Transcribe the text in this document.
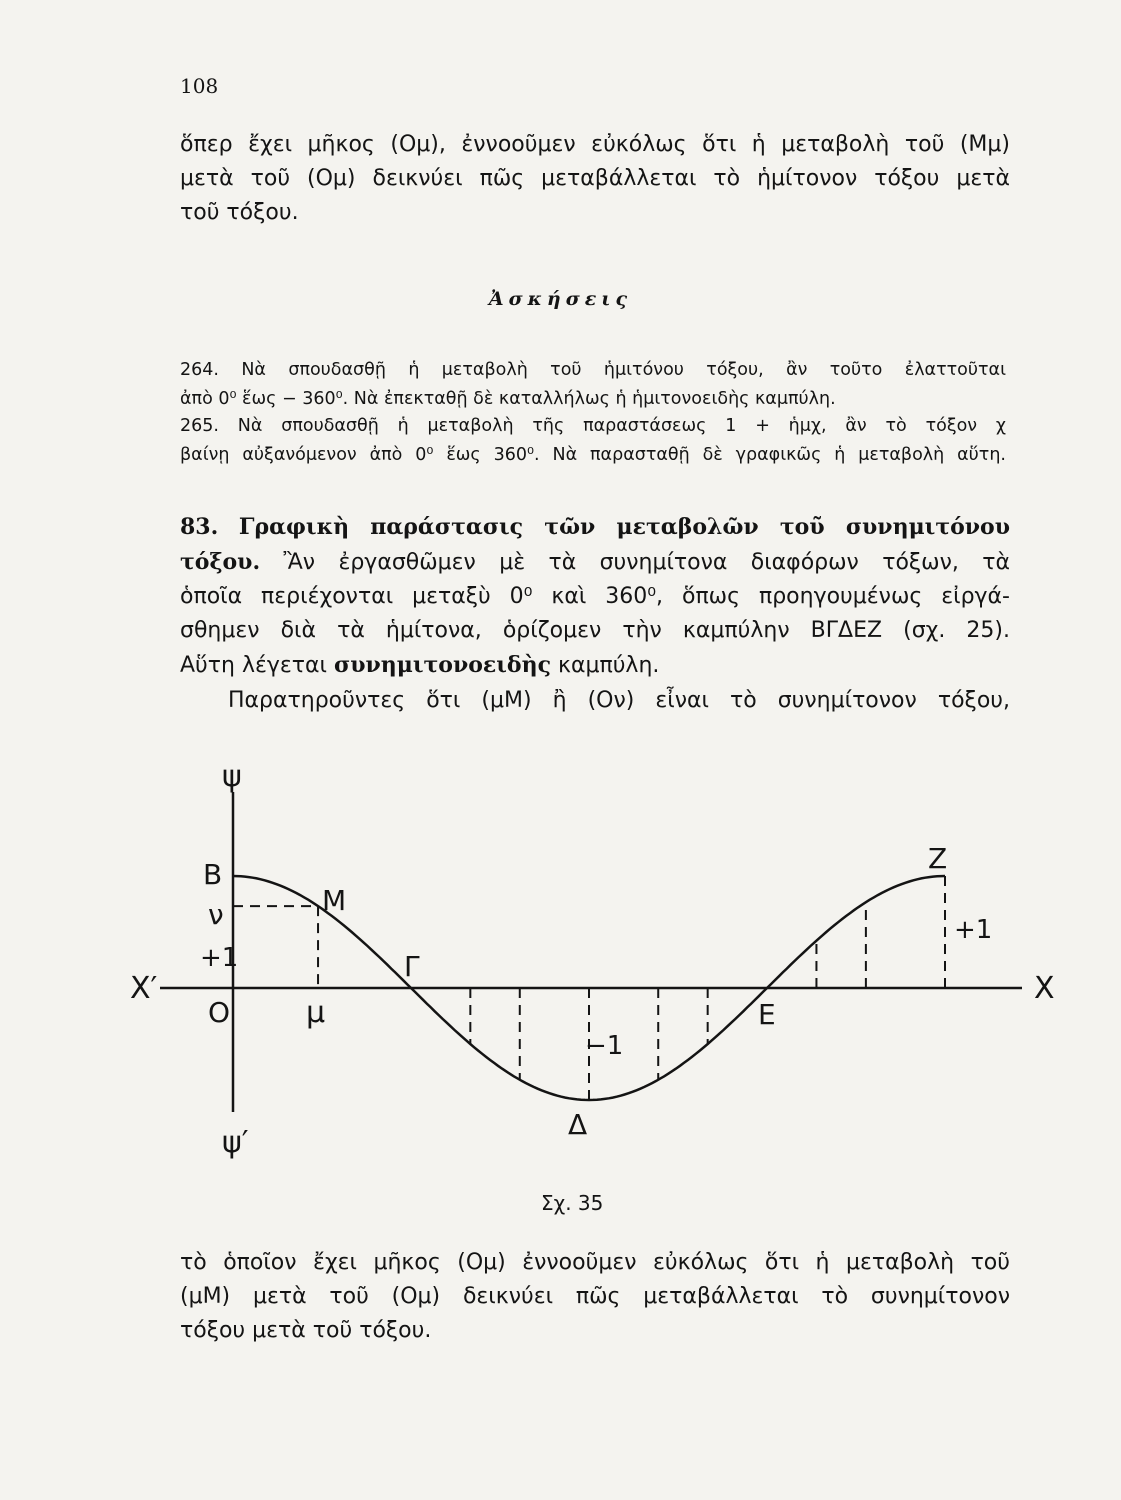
108
ὅπερ ἔχει μῆκος (Ομ), ἐννοοῦμεν εὐκόλως ὅτι ἡ μεταβολὴ τοῦ (Μμ)
μετὰ τοῦ (Ομ) δεικνύει πῶς μεταβάλλεται τὸ ἡμίτονον τόξου μετὰ
τοῦ τόξου.
Ἀσκήσεις
264. Νὰ σπουδασθῇ ἡ μεταβολὴ τοῦ ἡμιτόνου τόξου, ἂν τοῦτο ἐλαττοῦται
ἀπὸ 0⁰ ἕως − 360⁰. Νὰ ἐπεκταθῇ δὲ καταλλήλως ἡ ἡμιτονοειδὴς καμπύλη.
265. Νὰ σπουδασθῇ ἡ μεταβολὴ τῆς παραστάσεως 1 + ἡμχ, ἂν τὸ τόξον χ
βαίνῃ αὐξανόμενον ἀπὸ 0⁰ ἕως 360⁰. Νὰ παρασταθῇ δὲ γραφικῶς ἡ μεταβολὴ αὕτη.
83. Γραφικὴ παράστασις τῶν μεταβολῶν τοῦ συνημιτόνου
τόξου. Ἂν ἐργασθῶμεν μὲ τὰ συνημίτονα διαφόρων τόξων, τὰ
ὁποῖα περιέχονται μεταξὺ 0⁰ καὶ 360⁰, ὅπως προηγουμένως εἰργά-
σθημεν διὰ τὰ ἡμίτονα, ὁρίζομεν τὴν καμπύλην ΒΓΔΕΖ (σχ. 25).
Αὕτη λέγεται συνημιτονοειδὴς καμπύλη.
Παρατηροῦντες ὅτι (μΜ) ἢ (Ον) εἶναι τὸ συνημίτονον τόξου,
ψ
ψ′
Χ
Χ′
Ο
Β
ν
+1
Μ
μ
Γ
Δ
−1
Ε
Ζ
+1
Σχ. 35
τὸ ὁποῖον ἔχει μῆκος (Ομ) ἐννοοῦμεν εὐκόλως ὅτι ἡ μεταβολὴ τοῦ
(μΜ) μετὰ τοῦ (Ομ) δεικνύει πῶς μεταβάλλεται τὸ συνημίτονον
τόξου μετὰ τοῦ τόξου.
